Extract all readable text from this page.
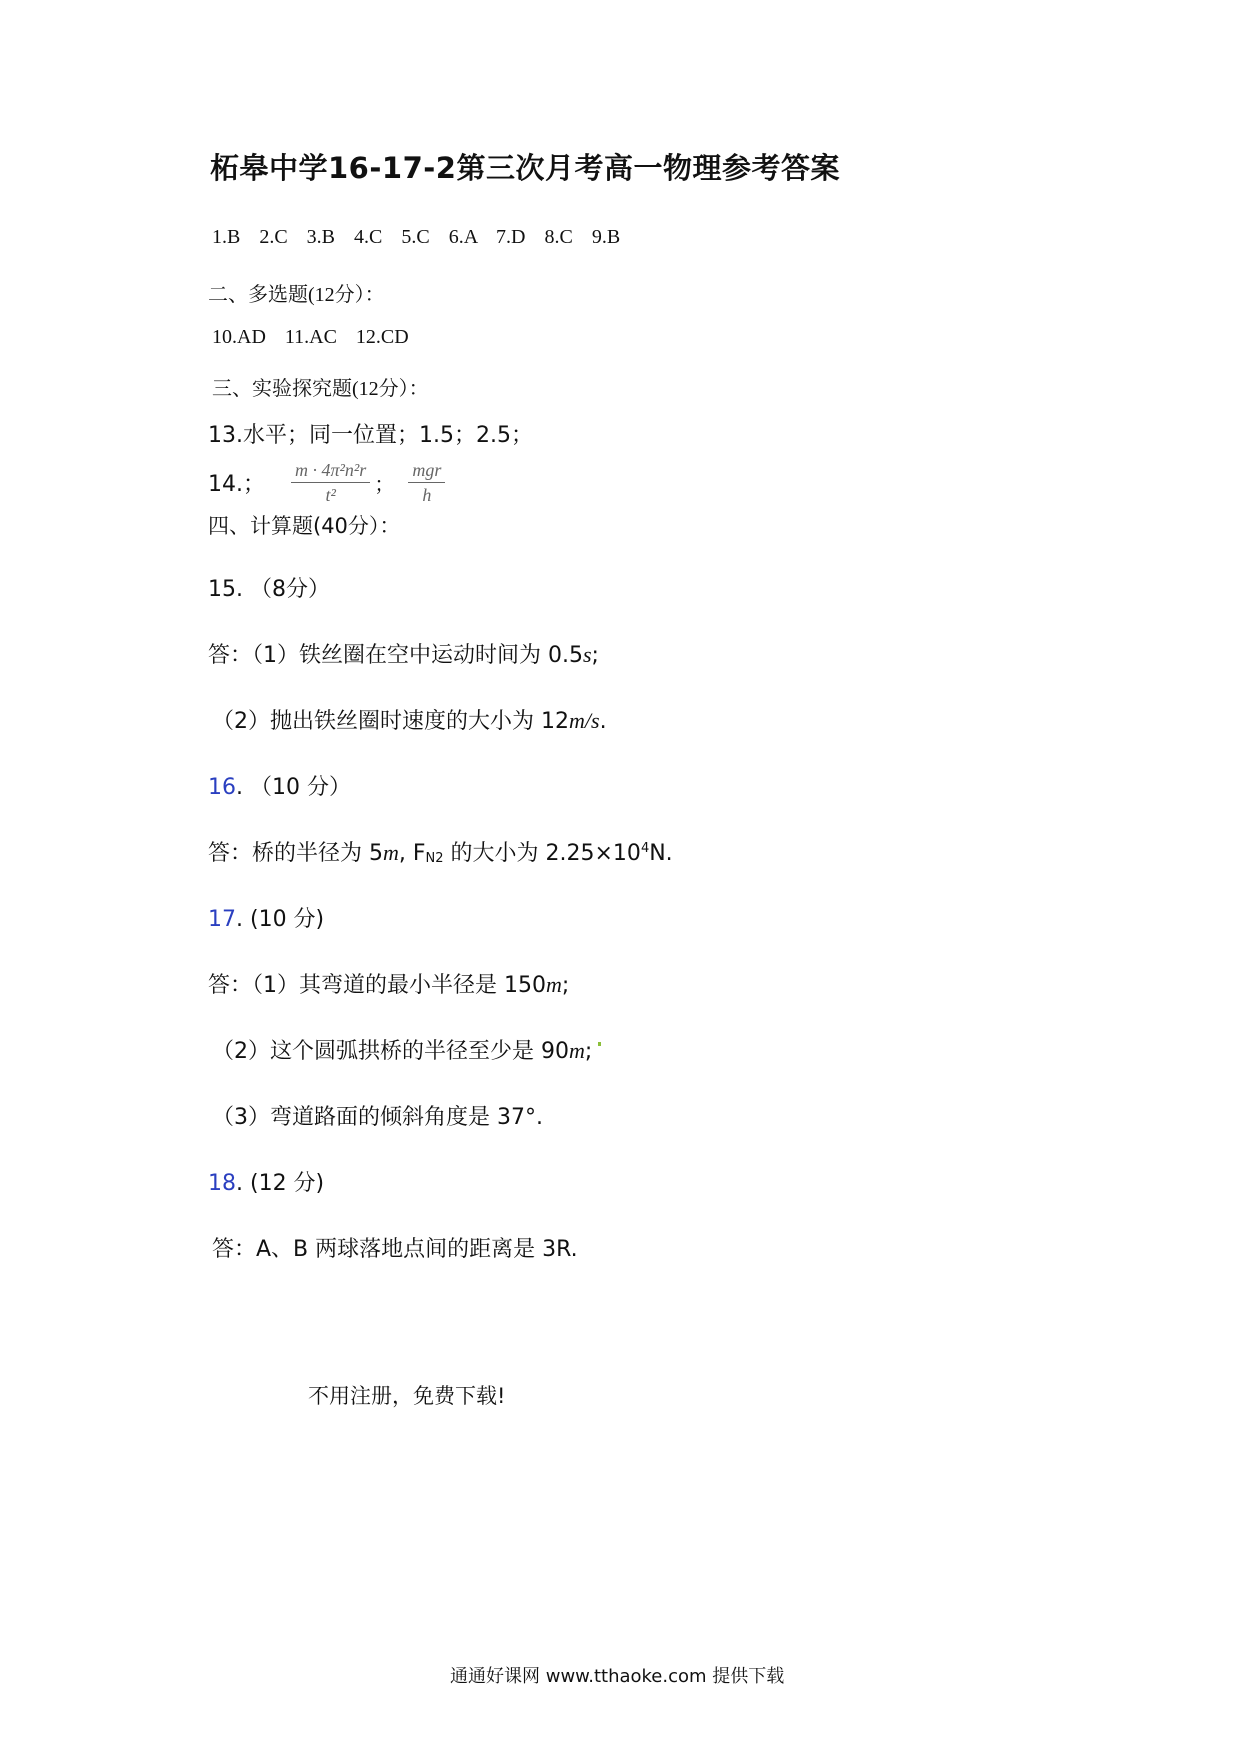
柘皋中学16-17-2第三次月考高一物理参考答案
1.B 2.C 3.B 4.C 5.C 6.A 7.D 8.C 9.B
二、多选题(12分）：
10.AD 11.AC 12.CD
三、实验探究题(12分）：
13.水平；同一位置；1.5；2.5；
14.； $\frac{\text{m · 4π²n²r}}{\text{t²}}$ ； $\frac{\text{mgr}}{h}$
四、计算题(40分）：
15. （8分）
答：（1）铁丝圈在空中运动时间为 0.5s;
（2）抛出铁丝圈时速度的大小为 12m/s.
16. （10 分）
答：桥的半径为 5m, $F_{N2}$ 的大小为 $2.25\times 10^4N$.
17. (10 分)
答：（1）其弯道的最小半径是 150m;
（2）这个圆弧拱桥的半径至少是 90m;
（3）弯道路面的倾斜角度是 37°.
18. (12 分)
答：A、B 两球落地点间的距离是 3R.
不用注册，免费下载!
通通好课网 www.tthaoke.com 提供下载
